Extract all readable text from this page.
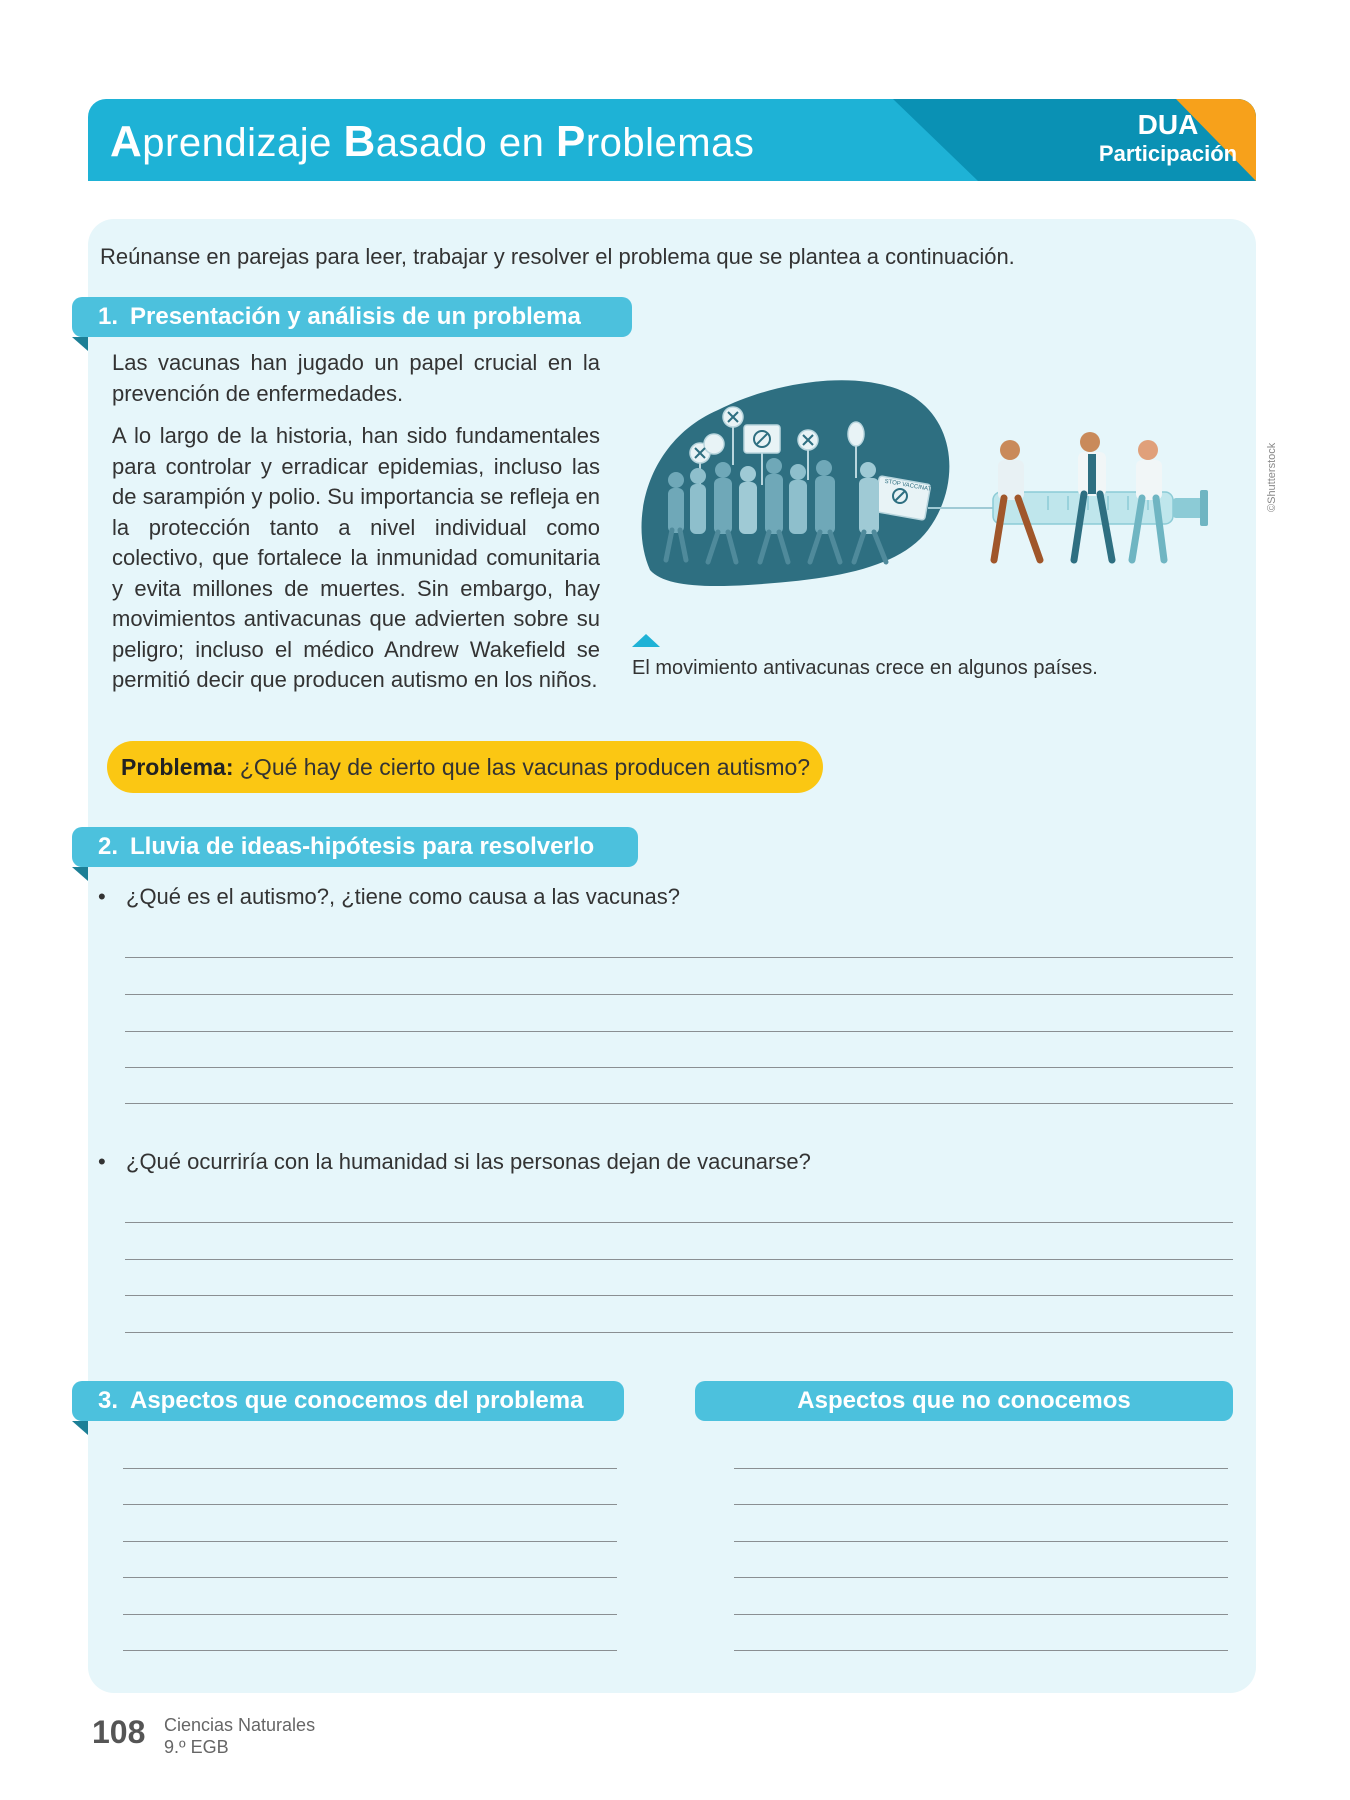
Aprendizaje Basado en Problemas	DUA
Participación
Reúnanse en parejas para leer, trabajar y resolver el problema que se plantea a continuación.
1. Presentación y análisis de un problema

Las vacunas han jugado un papel crucial en la prevención de enfermedades.

A lo largo de la historia, han sido fundamentales para controlar y erradicar epidemias, incluso las de sarampión y polio. Su importancia se refleja en la protección tanto a nivel individual como colectivo, que fortalece la inmunidad comunitaria y evita millones de muertes. Sin embargo, hay movimientos antivacunas que advierten sobre su peligro; incluso el médico Andrew Wakefield se permitió decir que producen autismo en los niños.

STOP VACCINATION	©Shutterstock
El movimiento antivacunas crece en algunos países.
Problema: ¿Qué hay de cierto que las vacunas producen autismo?
2. Lluvia de ideas-hipótesis para resolverlo
• ¿Qué es el autismo?, ¿tiene como causa a las vacunas?
• ¿Qué ocurriría con la humanidad si las personas dejan de vacunarse?
3. Aspectos que conocemos del problema	Aspectos que no conocemos
108 Ciencias Naturales
9.º EGB
